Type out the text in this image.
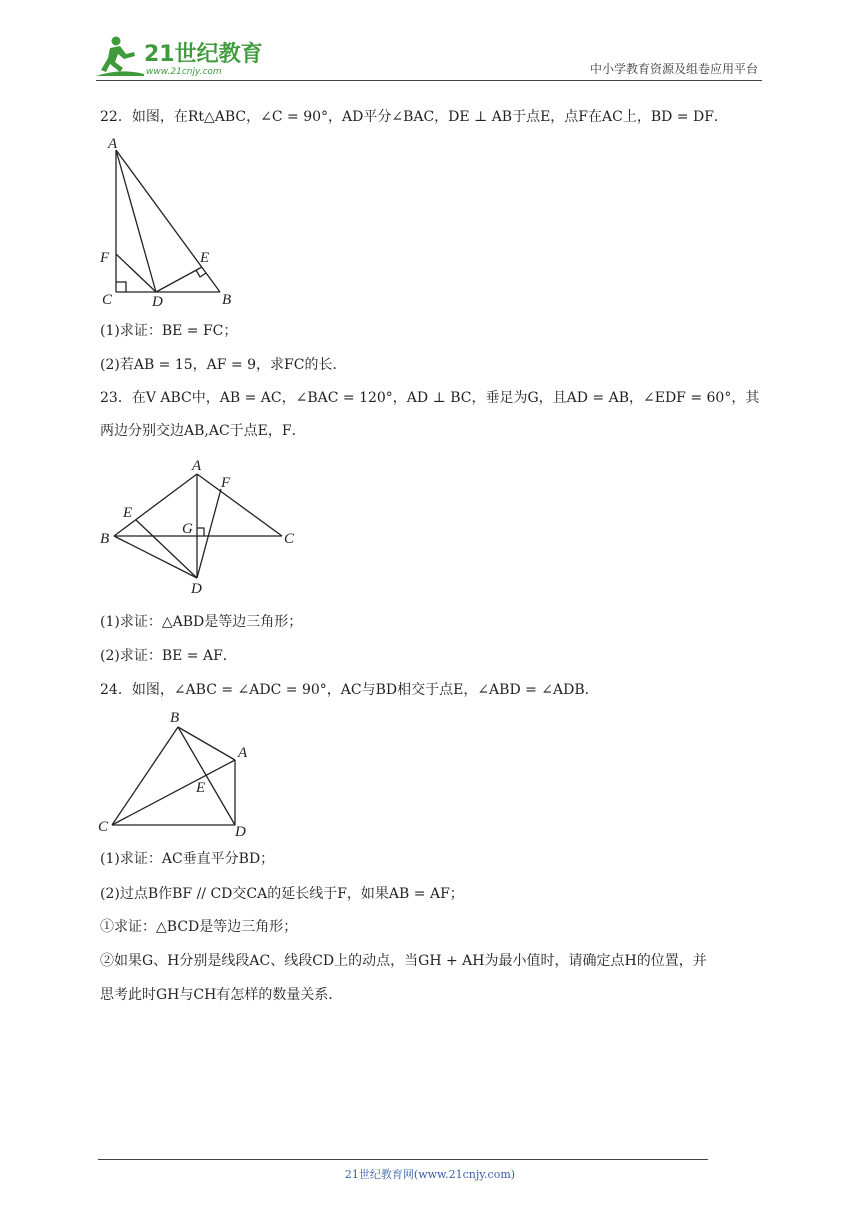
21世纪教育
www.21cnjy.com	中小学教育资源及组卷应用平台
22．如图，在Rt△ABC，∠C = 90°，AD平分∠BAC，DE ⊥ AB于点E，点F在AC上，BD = DF．
A
F
C	D
E
B
(1)求证：BE = FC；
(2)若AB = 15，AF = 9，求FC的长．
23．在V ABC中，AB = AC，∠BAC = 120°，AD ⊥ BC，垂足为G，且AD = AB，∠EDF = 60°，其
两边分别交边AB,AC于点E，F．
A
F
E
G
B	C
D
(1)求证：△ABD是等边三角形；
(2)求证：BE = AF．
24．如图，∠ABC = ∠ADC = 90°，AC与BD相交于点E，∠ABD = ∠ADB．
B
A
E
C	D
(1)求证：AC垂直平分BD；
(2)过点B作BF // CD交CA的延长线于F，如果AB = AF；
①求证：△BCD是等边三角形；
②如果G、H分别是线段AC、线段CD上的动点，当GH + AH为最小值时，请确定点H的位置，并
思考此时GH与CH有怎样的数量关系．
21世纪教育网(www.21cnjy.com)
